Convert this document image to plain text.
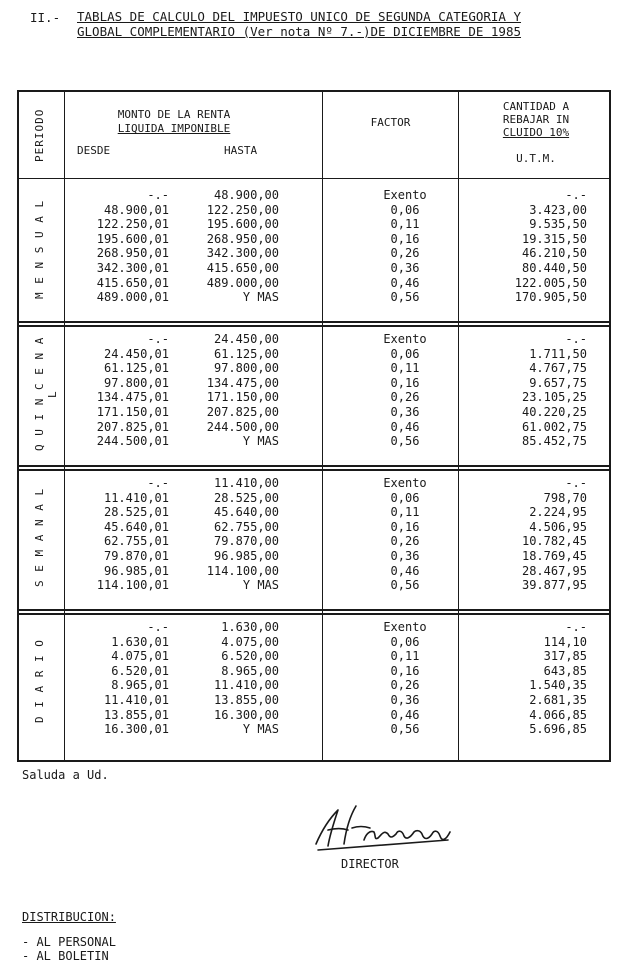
II.- TABLAS DE CALCULO DEL IMPUESTO UNICO DE SEGUNDA CATEGORIA Y
GLOBAL COMPLEMENTARIO (Ver nota Nº 7.-)DE DICIEMBRE DE 1985
PERIODO	MONTO DE LA RENTA
LIQUIDA IMPONIBLE
DESDE	HASTA
FACTOR
CANTIDAD A
REBAJAR IN
CLUIDO 10%
U.T.M.
M E N S U A L
Q U I N C E N A L
S E M A N A L
D I A R I O
-.-	48.900,00	Exento	-.-
48.900,01	122.250,00	0,06	3.423,00
122.250,01	195.600,00	0,11	9.535,50
195.600,01	268.950,00	0,16	19.315,50
268.950,01	342.300,00	0,26	46.210,50
342.300,01	415.650,00	0,36	80.440,50
415.650,01	489.000,00	0,46	122.005,50
489.000,01	Y MAS	0,56	170.905,50
-.-	24.450,00	Exento	-.-
24.450,01	61.125,00	0,06	1.711,50
61.125,01	97.800,00	0,11	4.767,75
97.800,01	134.475,00	0,16	9.657,75
134.475,01	171.150,00	0,26	23.105,25
171.150,01	207.825,00	0,36	40.220,25
207.825,01	244.500,00	0,46	61.002,75
244.500,01	Y MAS	0,56	85.452,75
-.-	11.410,00	Exento	-.-
11.410,01	28.525,00	0,06	798,70
28.525,01	45.640,00	0,11	2.224,95
45.640,01	62.755,00	0,16	4.506,95
62.755,01	79.870,00	0,26	10.782,45
79.870,01	96.985,00	0,36	18.769,45
96.985,01	114.100,00	0,46	28.467,95
114.100,01	Y MAS	0,56	39.877,95
-.-	1.630,00	Exento	-.-
1.630,01	4.075,00	0,06	114,10
4.075,01	6.520,00	0,11	317,85
6.520,01	8.965,00	0,16	643,85
8.965,01	11.410,00	0,26	1.540,35
11.410,01	13.855,00	0,36	2.681,35
13.855,01	16.300,00	0,46	4.066,85
16.300,01	Y MAS	0,56	5.696,85
Saluda a Ud.
DIRECTOR
DISTRIBUCION:
- AL PERSONAL
- AL BOLETIN
